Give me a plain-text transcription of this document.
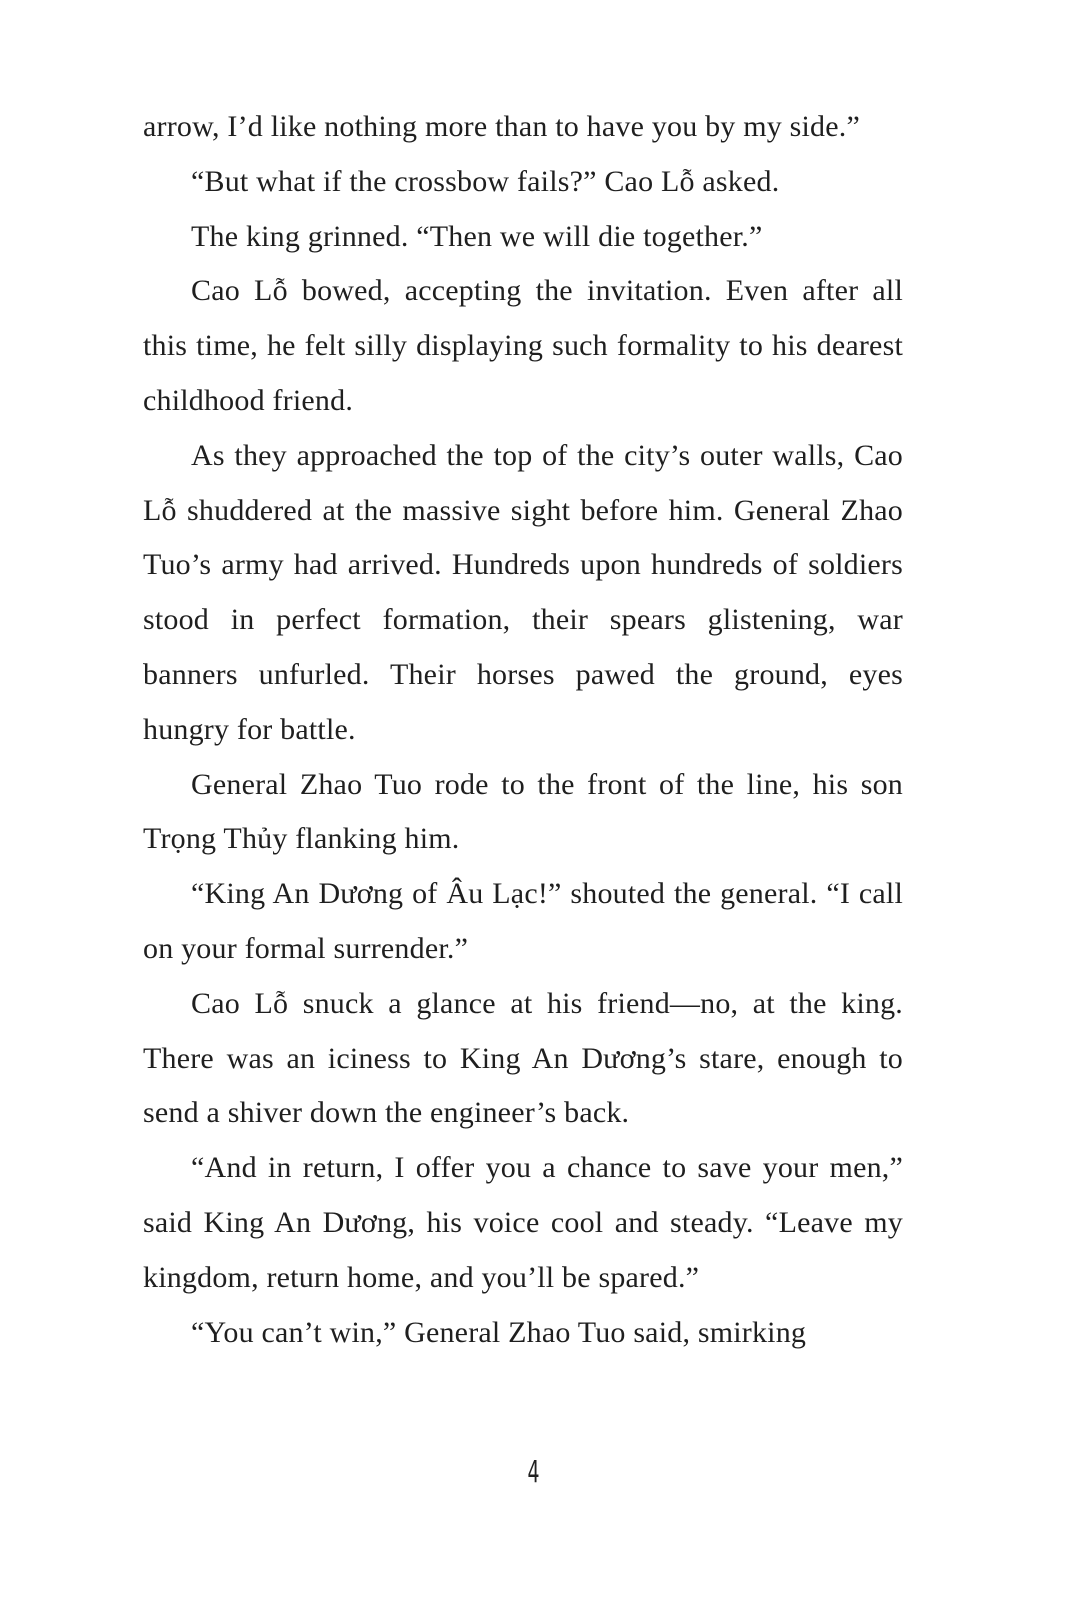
arrow, I’d like nothing more than to have you by my side.”

“But what if the crossbow fails?” Cao Lỗ asked.

The king grinned. “Then we will die together.”

Cao Lỗ bowed, accepting the invitation. Even after all this time, he felt silly displaying such formality to his dearest childhood friend.

As they approached the top of the city’s outer walls, Cao Lỗ shuddered at the massive sight before him. General Zhao Tuo’s army had arrived. Hundreds upon hundreds of soldiers stood in perfect formation, their spears glistening, war banners unfurled. Their horses pawed the ground, eyes hungry for battle.

General Zhao Tuo rode to the front of the line, his son Trọng Thủy flanking him.

“King An Dương of Âu Lạc!” shouted the general. “I call on your formal surrender.”

Cao Lỗ snuck a glance at his friend—no, at the king. There was an iciness to King An Dương’s stare, enough to send a shiver down the engineer’s back.

“And in return, I offer you a chance to save your men,” said King An Dương, his voice cool and steady. “Leave my kingdom, return home, and you’ll be spared.”

“You can’t win,” General Zhao Tuo said, smirking

4
